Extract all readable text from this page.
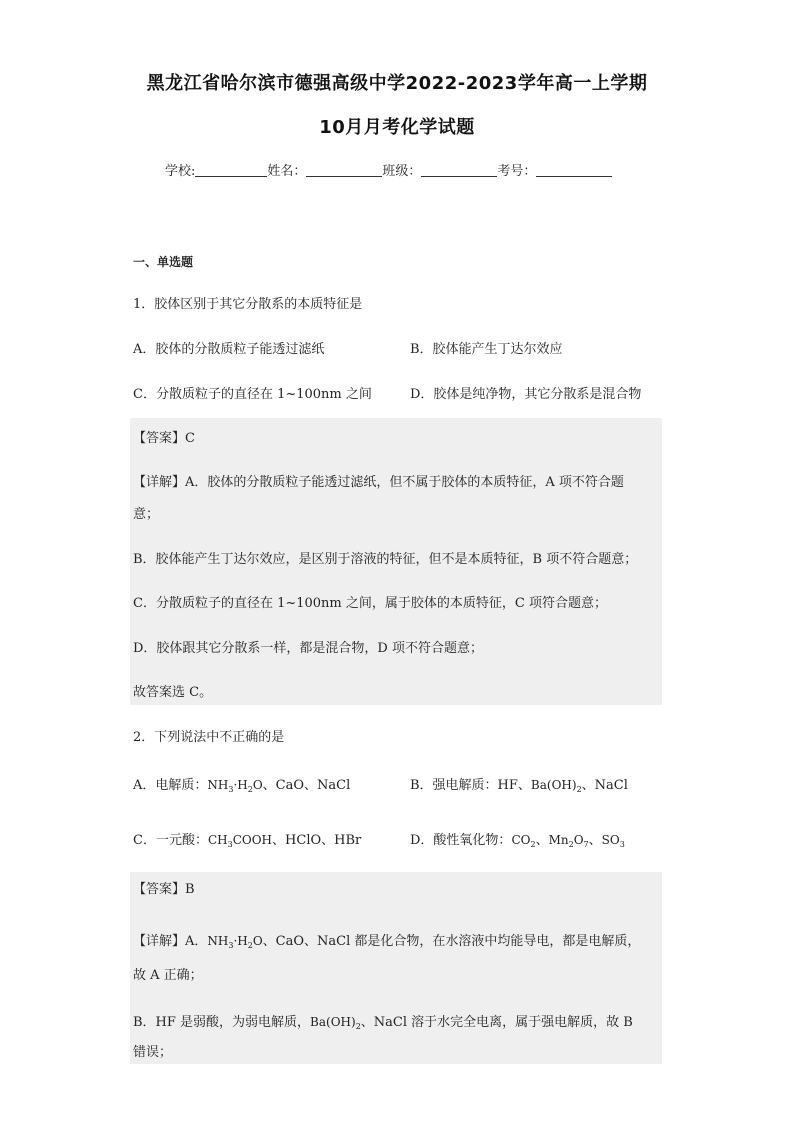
黑龙江省哈尔滨市德强高级中学2022-2023学年高一上学期
10月月考化学试题
学校:	姓名：	班级：	考号：
一、单选题
1．胶体区别于其它分散系的本质特征是
A．胶体的分散质粒子能透过滤纸	B．胶体能产生丁达尔效应
C．分散质粒子的直径在 1~100nm 之间	D．胶体是纯净物，其它分散系是混合物
【答案】C
【详解】A．胶体的分散质粒子能透过滤纸，但不属于胶体的本质特征，A 项不符合题
意；
B．胶体能产生丁达尔效应，是区别于溶液的特征，但不是本质特征，B 项不符合题意；
C．分散质粒子的直径在 1~100nm 之间，属于胶体的本质特征，C 项符合题意；
D．胶体跟其它分散系一样，都是混合物，D 项不符合题意；
故答案选 C。
2．下列说法中不正确的是
A．电解质：$NH_3\cdot H_2O$、CaO、NaCl	B．强电解质：HF、$Ba(OH)_2$、NaCl
C．一元酸：$CH_3COOH$、HClO、HBr	D．酸性氧化物：$CO_2$、$Mn_2O_7$、$SO_3$
【答案】B
【详解】A．$NH_3\cdot H_2O$、CaO、NaCl 都是化合物，在水溶液中均能导电，都是电解质，
故 A 正确；
B．HF 是弱酸，为弱电解质，$Ba(OH)_2$、NaCl 溶于水完全电离，属于强电解质，故 B
错误；
